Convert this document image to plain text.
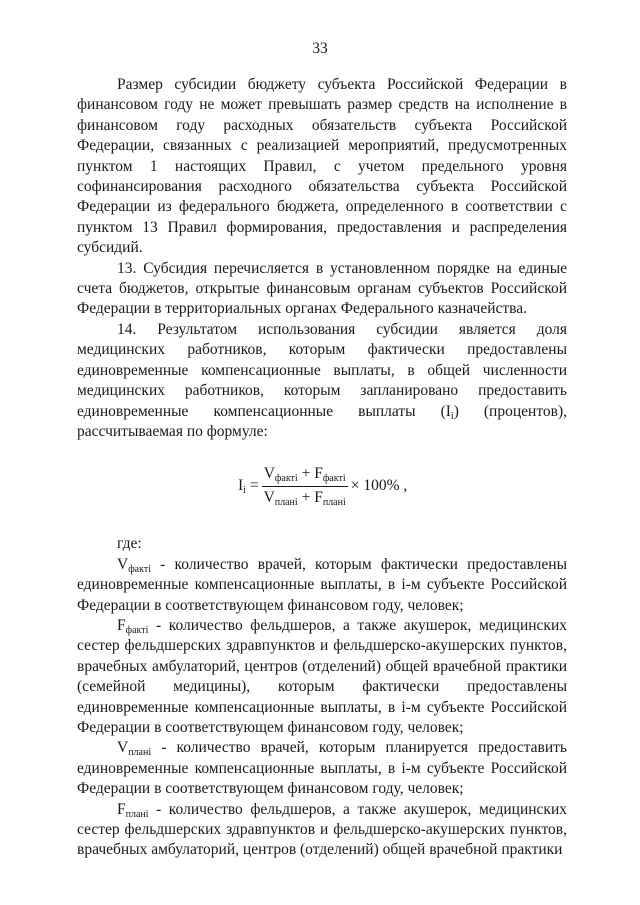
33

Размер субсидии бюджету субъекта Российской Федерации в финансовом году не может превышать размер средств на исполнение в финансовом году расходных обязательств субъекта Российской Федерации, связанных с реализацией мероприятий, предусмотренных пунктом 1 настоящих Правил, с учетом предельного уровня софинансирования расходного обязательства субъекта Российской Федерации из федерального бюджета, определенного в соответствии с пунктом 13 Правил формирования, предоставления и распределения субсидий.

13. Субсидия перечисляется в установленном порядке на единые счета бюджетов, открытые финансовым органам субъектов Российской Федерации в территориальных органах Федерального казначейства.

14. Результатом использования субсидии является доля медицинских работников, которым фактически предоставлены единовременные компенсационные выплаты, в общей численности медицинских работников, которым запланировано предоставить единовременные компенсационные выплаты $(I_i)$ (процентов), рассчитываемая по формуле:

$I_i = \frac{V_{факті} + F_{факті}}{V_{плані} + F_{плані}} \times 100\%$ ,

где:

$V_{факті}$ - количество врачей, которым фактически предоставлены единовременные компенсационные выплаты, в i-м субъекте Российской Федерации в соответствующем финансовом году, человек;

$F_{факті}$ - количество фельдшеров, а также акушерок, медицинских сестер фельдшерских здравпунктов и фельдшерско-акушерских пунктов, врачебных амбулаторий, центров (отделений) общей врачебной практики (семейной медицины), которым фактически предоставлены единовременные компенсационные выплаты, в i-м субъекте Российской Федерации в соответствующем финансовом году, человек;

$V_{плані}$ - количество врачей, которым планируется предоставить единовременные компенсационные выплаты, в i-м субъекте Российской Федерации в соответствующем финансовом году, человек;

$F_{плані}$ - количество фельдшеров, а также акушерок, медицинских сестер фельдшерских здравпунктов и фельдшерско-акушерских пунктов, врачебных амбулаторий, центров (отделений) общей врачебной практики
